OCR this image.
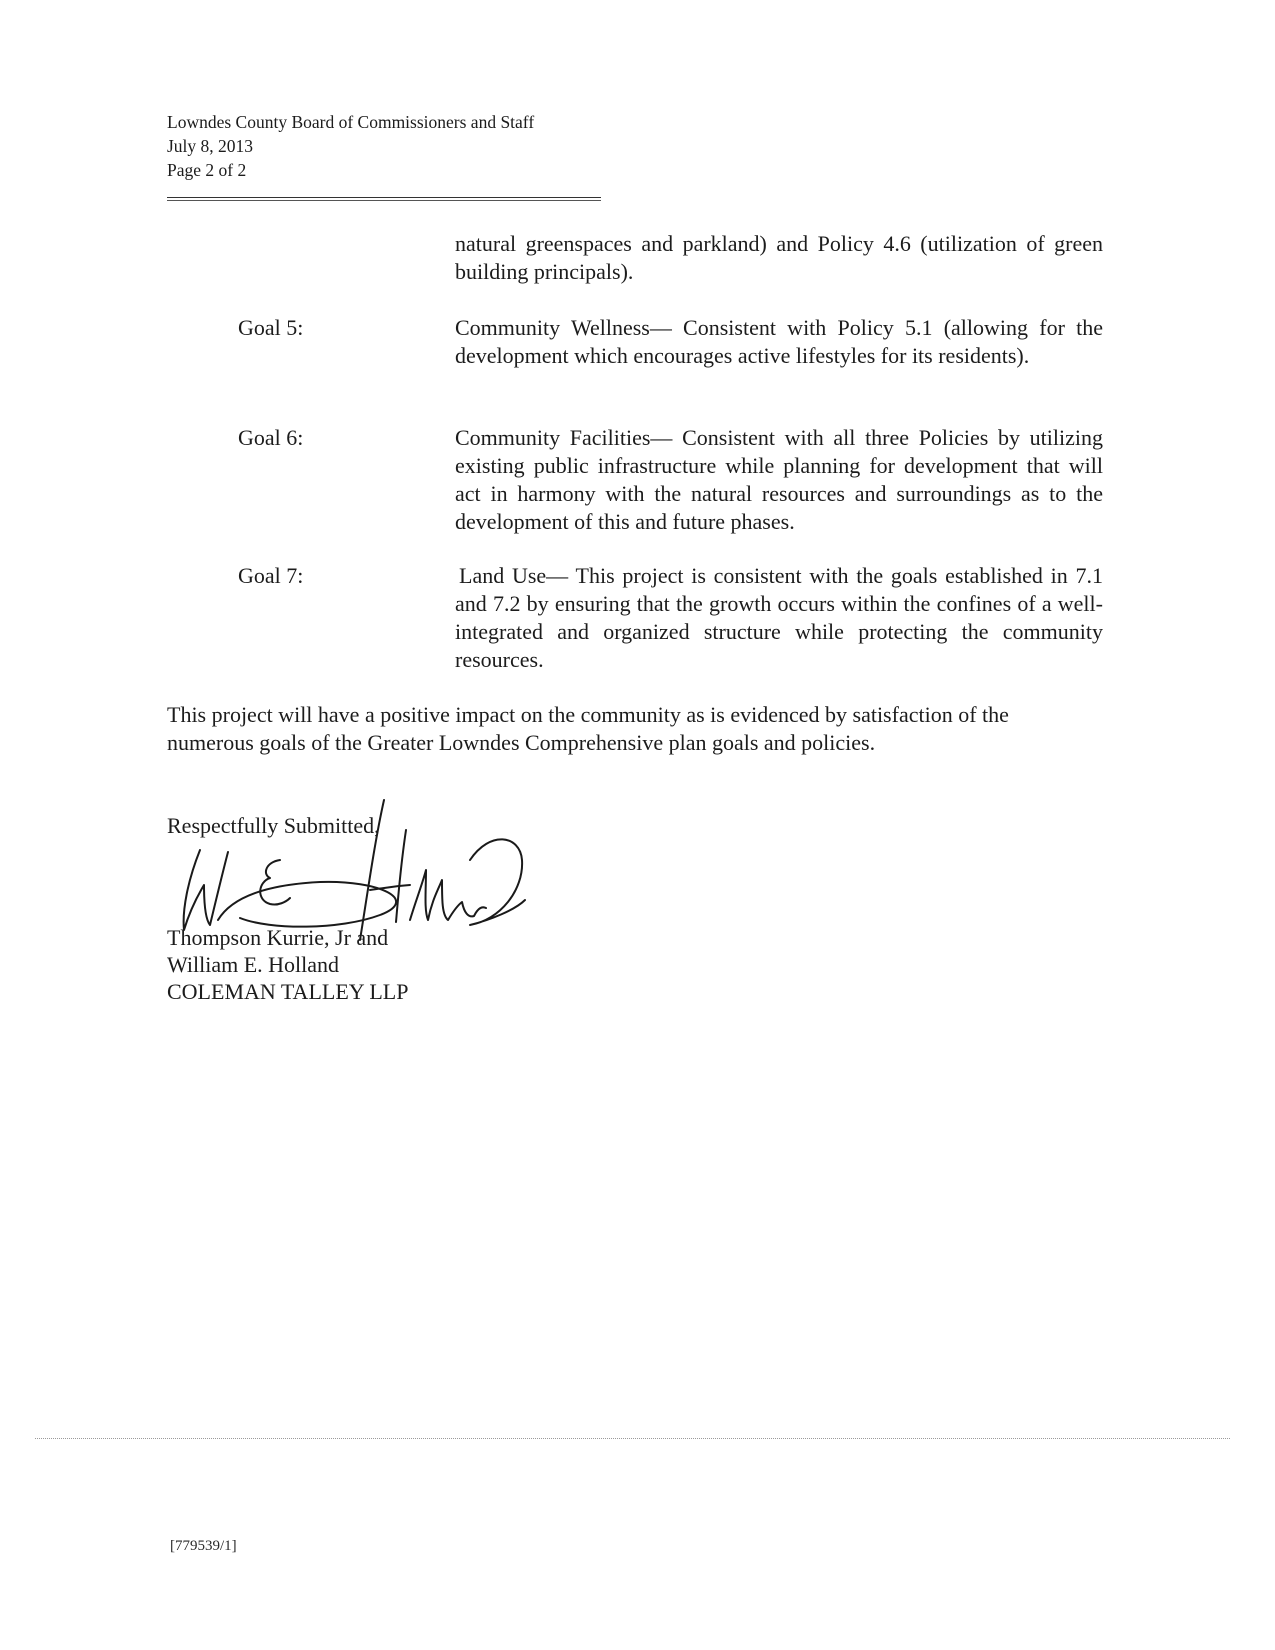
Lowndes County Board of Commissioners and Staff
July 8, 2013
Page 2 of 2
natural greenspaces and parkland) and Policy 4.6 (utilization of green building principals).
Goal 5:	Community Wellness— Consistent with Policy 5.1 (allowing for the development which encourages active lifestyles for its residents).
Goal 6:	Community Facilities— Consistent with all three Policies by utilizing existing public infrastructure while planning for development that will act in harmony with the natural resources and surroundings as to the development of this and future phases.
Goal 7:	Land Use— This project is consistent with the goals established in 7.1 and 7.2 by ensuring that the growth occurs within the confines of a well-integrated and organized structure while protecting the community resources.
This project will have a positive impact on the community as is evidenced by satisfaction of the numerous goals of the Greater Lowndes Comprehensive plan goals and policies.
Respectfully Submitted,
Thompson Kurrie, Jr and
William E. Holland
COLEMAN TALLEY LLP
[779539/1]
